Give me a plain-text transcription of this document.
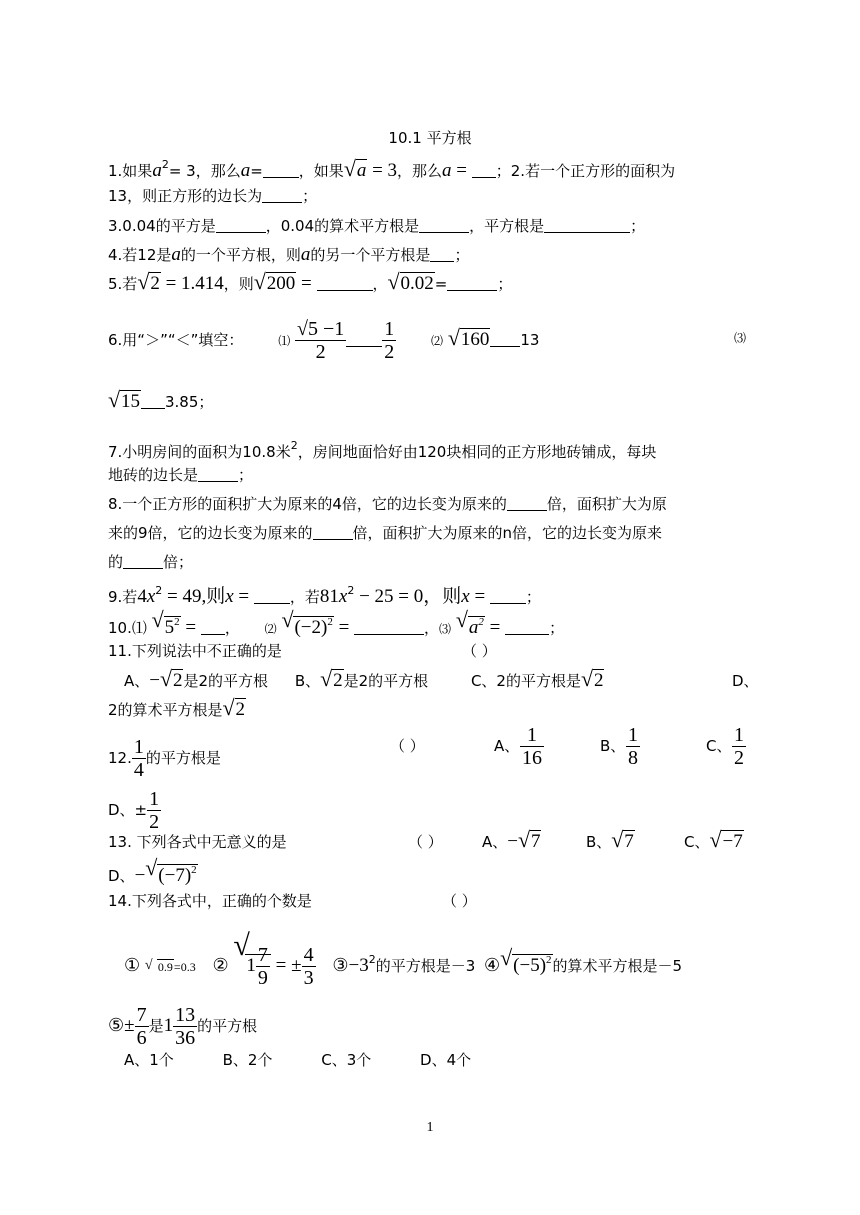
10.1 平方根
1.如果$a^2= 3$，那么a= ，如果 √ a = 3，那么a = ；2.若一个正方形的面积为
13，则正方形的边长为	；
3.0.04的平方是	，0.04的算术平方根是	，平方根是	；
4.若12是a的一个平方根，则a的另一个平方根是 ；
5.若 √ 2 = 1.414，则 √ 200 =	， √ 0.02=	；
6.用“＞”“＜”填空：	⑴ $\frac{√5 -1}{2} \frac{1}{2}$	⑵ √ 160 13	⑶
√ 15 3.85；
7.小明房间的面积为10.8米$^2$，房间地面恰好由120块相同的正方形地砖铺成，每块
地砖的边长是	；
8.一个正方形的面积扩大为原来的4倍，它的边长变为原来的	倍，面积扩大为原
来的9倍，它的边长变为原来的	倍，面积扩大为原来的n倍，它的边长变为原来
的	倍；
9.若$4x^2 = 49$,则x = ，若$81x^2 - 25 = 0$，则x = ；
10.⑴ √ $5^2$ = ， ⑵ √ $(-2)^2$ =	，⑶ √ $a^2$ =	；
11.下列说法中不正确的是	（ ）
A、− √ 2是2的平方根 B、 √ 2是2的平方根	C、2的平方根是 √ 2	D、
2的算术平方根是 √ 2
12. $\frac{1}{4}$ 的平方根是
（ ）	A、 $\frac{1}{16}$	B、 $\frac{1}{8}$	C、 $\frac{1}{2}$
D、± $\frac{1}{2}$
13. 下列各式中无意义的是	（ ）	A、− √ 7	B、 √ 7	C、 √ −7
D、− √ $(-7)^2$
14.下列各式中，正确的个数是	（ ）
① √ 0.9=0.3 ②
√
$1 \frac{7}{9}$ = ± $\frac{4}{3}$ $③-3^2$的平方根是－3 ④ √ $(-5)^2$的算术平方根是－5
⑤± $\frac{7}{6}$ 是$1 \frac{13}{36}$ 的平方根
A、1个	B、2个	C、3个	D、4个
1
